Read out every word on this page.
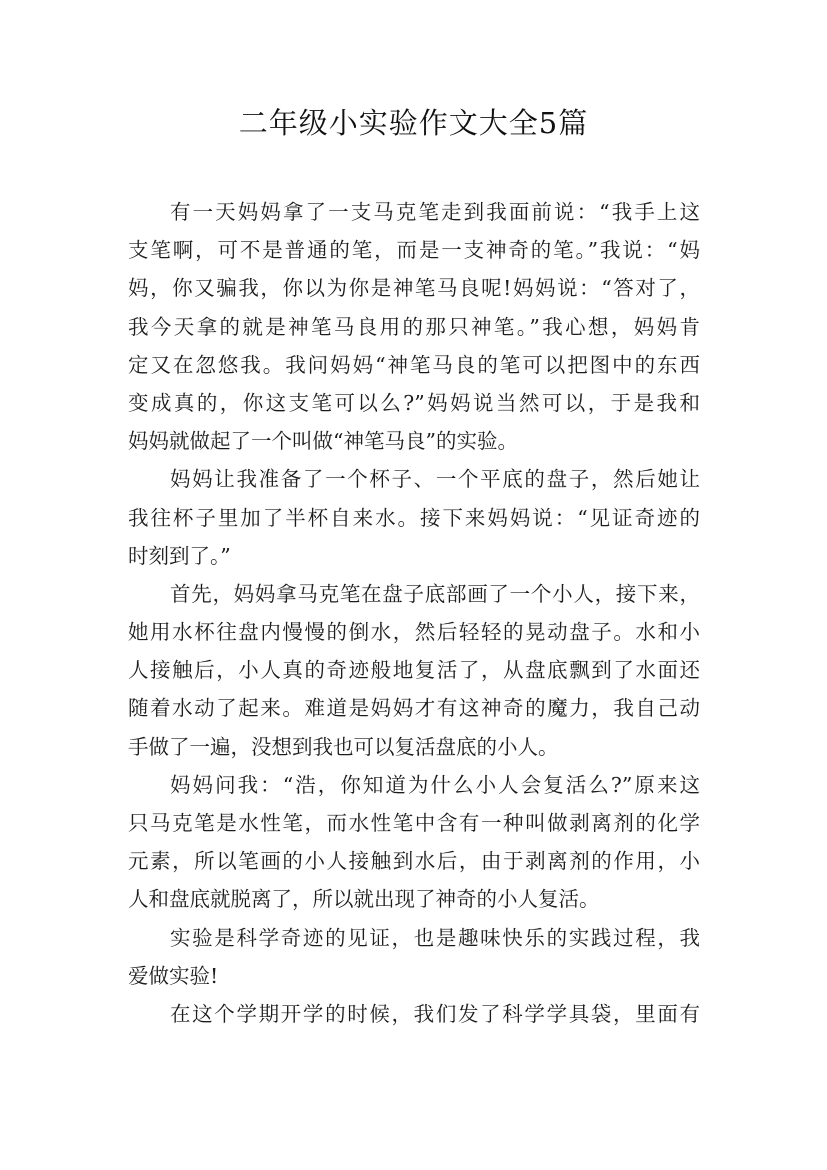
二年级小实验作文大全5篇
有一天妈妈拿了一支马克笔走到我面前说：“我手上这
支笔啊，可不是普通的笔，而是一支神奇的笔。”我说：“妈
妈，你又骗我，你以为你是神笔马良呢!妈妈说：“答对了，
我今天拿的就是神笔马良用的那只神笔。”我心想，妈妈肯
定又在忽悠我。我问妈妈“神笔马良的笔可以把图中的东西
变成真的，你这支笔可以么?”妈妈说当然可以，于是我和
妈妈就做起了一个叫做“神笔马良”的实验。
妈妈让我准备了一个杯子、一个平底的盘子，然后她让
我往杯子里加了半杯自来水。接下来妈妈说：“见证奇迹的
时刻到了。”
首先，妈妈拿马克笔在盘子底部画了一个小人，接下来，
她用水杯往盘内慢慢的倒水，然后轻轻的晃动盘子。水和小
人接触后，小人真的奇迹般地复活了，从盘底飘到了水面还
随着水动了起来。难道是妈妈才有这神奇的魔力，我自己动
手做了一遍，没想到我也可以复活盘底的小人。
妈妈问我：“浩，你知道为什么小人会复活么?”原来这
只马克笔是水性笔，而水性笔中含有一种叫做剥离剂的化学
元素，所以笔画的小人接触到水后，由于剥离剂的作用，小
人和盘底就脱离了，所以就出现了神奇的小人复活。
实验是科学奇迹的见证，也是趣味快乐的实践过程，我
爱做实验!
在这个学期开学的时候，我们发了科学学具袋，里面有
